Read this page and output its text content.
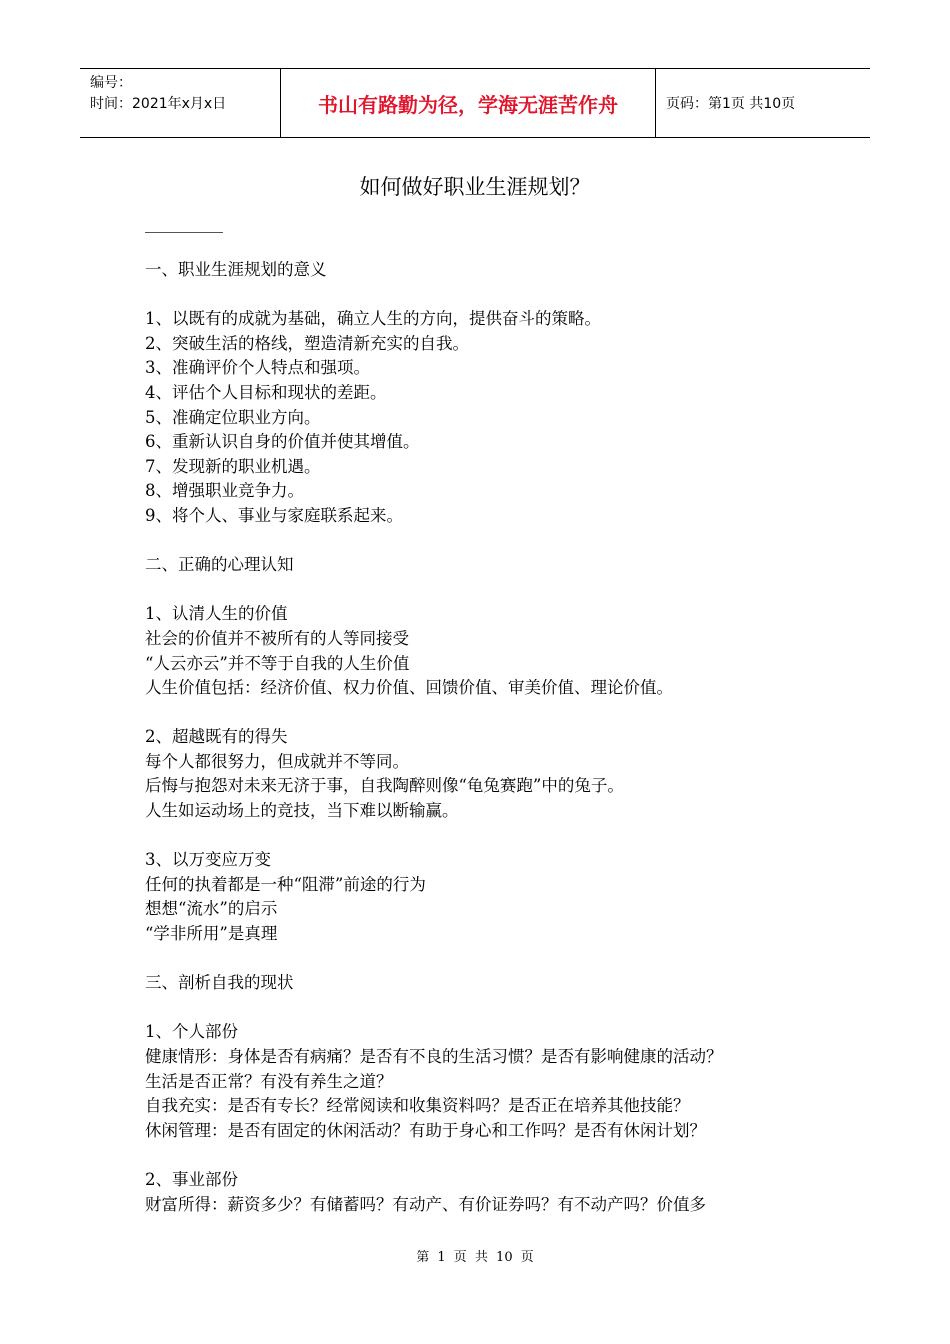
编号：
时间：2021年x月x日	书山有路勤为径，学海无涯苦作舟	页码：第1页 共10页
如何做好职业生涯规划？

一、职业生涯规划的意义

1、以既有的成就为基础，确立人生的方向，提供奋斗的策略。

2、突破生活的格线，塑造清新充实的自我。

3、准确评价个人特点和强项。

4、评估个人目标和现状的差距。

5、准确定位职业方向。

6、重新认识自身的价值并使其增值。

7、发现新的职业机遇。

8、增强职业竞争力。

9、将个人、事业与家庭联系起来。

二、正确的心理认知

1、认清人生的价值

社会的价值并不被所有的人等同接受

“人云亦云”并不等于自我的人生价值

人生价值包括：经济价值、权力价值、回馈价值、审美价值、理论价值。

2、超越既有的得失

每个人都很努力，但成就并不等同。

后悔与抱怨对未来无济于事，自我陶醉则像“龟兔赛跑”中的兔子。

人生如运动场上的竞技，当下难以断输赢。

3、以万变应万变

任何的执着都是一种“阻滞”前途的行为

想想“流水”的启示

“学非所用”是真理

三、剖析自我的现状

1、个人部份

健康情形：身体是否有病痛？是否有不良的生活习惯？是否有影响健康的活动？

生活是否正常？有没有养生之道？

自我充实：是否有专长？经常阅读和收集资料吗？是否正在培养其他技能？

休闲管理：是否有固定的休闲活动？有助于身心和工作吗？是否有休闲计划？

2、事业部份

财富所得：薪资多少？有储蓄吗？有动产、有价证券吗？有不动产吗？价值多

第 1 页 共 10 页
